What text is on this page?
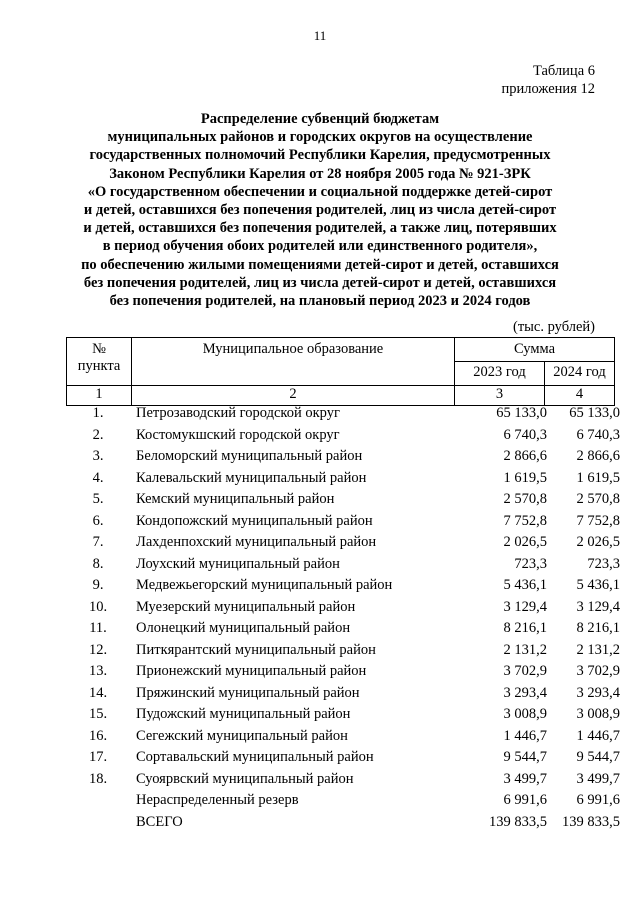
11
Таблица 6
приложения 12
Распределение субвенций бюджетам
муниципальных районов и городских округов на осуществление
государственных полномочий Республики Карелия, предусмотренных
Законом Республики Карелия от 28 ноября 2005 года № 921-ЗРК
«О государственном обеспечении и социальной поддержке детей-сирот
и детей, оставшихся без попечения родителей, лиц из числа детей-сирот
и детей, оставшихся без попечения родителей, а также лиц, потерявших
в период обучения обоих родителей или единственного родителя»,
по обеспечению жилыми помещениями детей-сирот и детей, оставшихся
без попечения родителей, лиц из числа детей-сирот и детей, оставшихся
без попечения родителей, на плановый период 2023 и 2024 годов
(тыс. рублей)
№
пункта	Муниципальное образование	Сумма	
		2023 год	2024 год
1	2	3	4
1.	Петрозаводский городской округ	65 133,0	65 133,0
2.	Костомукшский городской округ	6 740,3	6 740,3
3.	Беломорский муниципальный район	2 866,6	2 866,6
4.	Калевальский муниципальный район	1 619,5	1 619,5
5.	Кемский муниципальный район	2 570,8	2 570,8
6.	Кондопожский муниципальный район	7 752,8	7 752,8
7.	Лахденпохский муниципальный район	2 026,5	2 026,5
8.	Лоухский муниципальный район	723,3	723,3
9.	Медвежьегорский муниципальный район	5 436,1	5 436,1
10.	Муезерский муниципальный район	3 129,4	3 129,4
11.	Олонецкий муниципальный район	8 216,1	8 216,1
12.	Питкярантский муниципальный район	2 131,2	2 131,2
13.	Прионежский муниципальный район	3 702,9	3 702,9
14.	Пряжинский муниципальный район	3 293,4	3 293,4
15.	Пудожский муниципальный район	3 008,9	3 008,9
16.	Сегежский муниципальный район	1 446,7	1 446,7
17.	Сортавальский муниципальный район	9 544,7	9 544,7
18.	Суоярвский муниципальный район	3 499,7	3 499,7
	Нераспределенный резерв	6 991,6	6 991,6
	ВСЕГО	139 833,5	139 833,5
